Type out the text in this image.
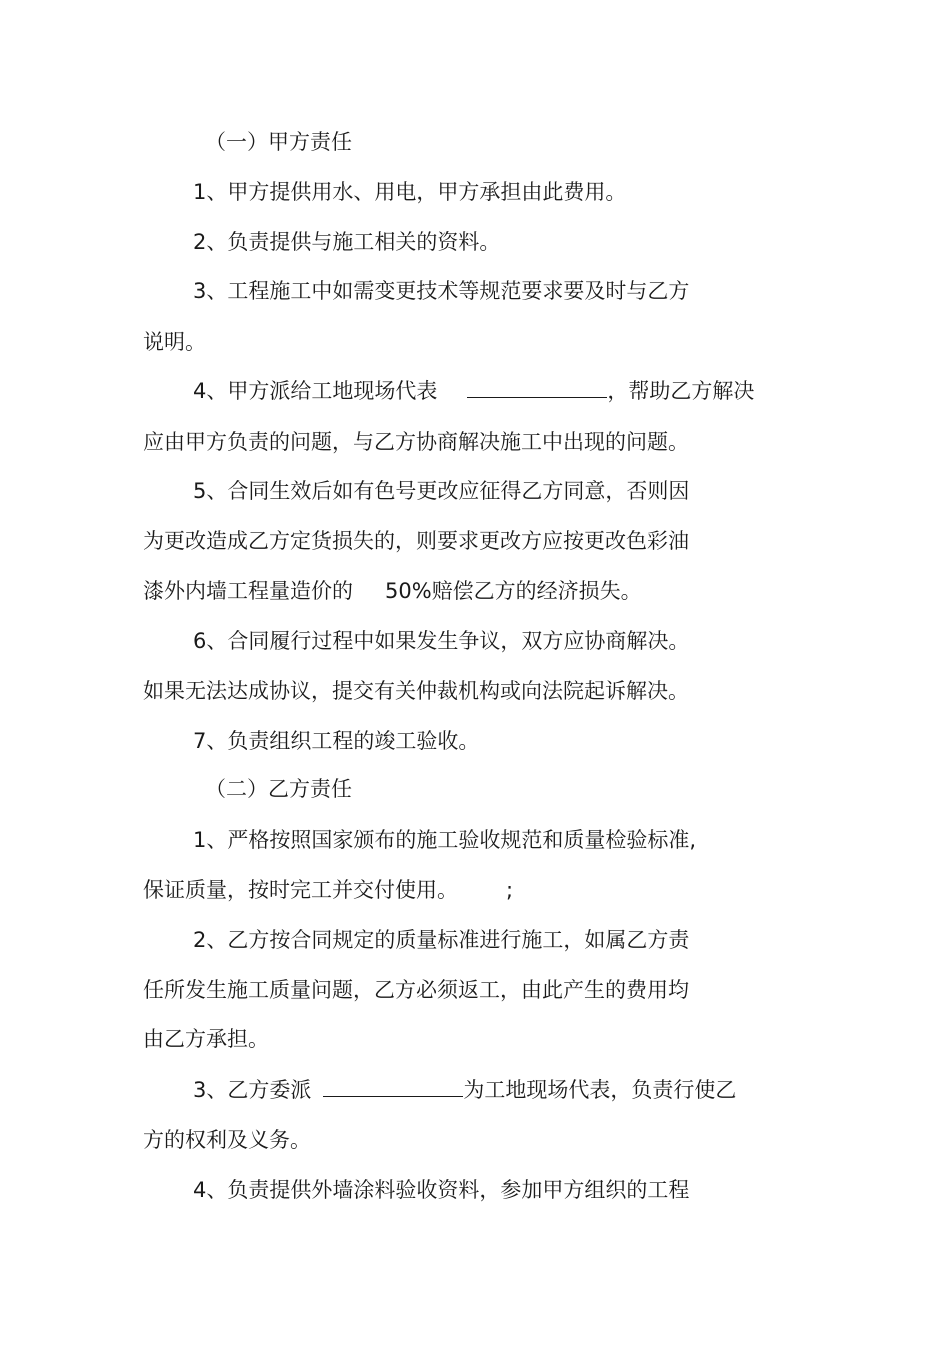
（一）甲方责任
1、甲方提供用水、用电，甲方承担由此费用。
2、负责提供与施工相关的资料。
3、工程施工中如需变更技术等规范要求要及时与乙方
说明。
4、甲方派给工地现场代表	，帮助乙方解决
应由甲方负责的问题，与乙方协商解决施工中出现的问题。
5、合同生效后如有色号更改应征得乙方同意，否则因
为更改造成乙方定货损失的，则要求更改方应按更改色彩油
漆外内墙工程量造价的 50%赔偿乙方的经济损失。
6、合同履行过程中如果发生争议，双方应协商解决。
如果无法达成协议，提交有关仲裁机构或向法院起诉解决。
7、负责组织工程的竣工验收。
（二）乙方责任
1、严格按照国家颁布的施工验收规范和质量检验标准,
保证质量，按时完工并交付使用。 ;
2、乙方按合同规定的质量标准进行施工，如属乙方责
任所发生施工质量问题，乙方必须返工，由此产生的费用均
由乙方承担。
3、乙方委派	为工地现场代表，负责行使乙
方的权利及义务。
4、负责提供外墙涂料验收资料，参加甲方组织的工程
